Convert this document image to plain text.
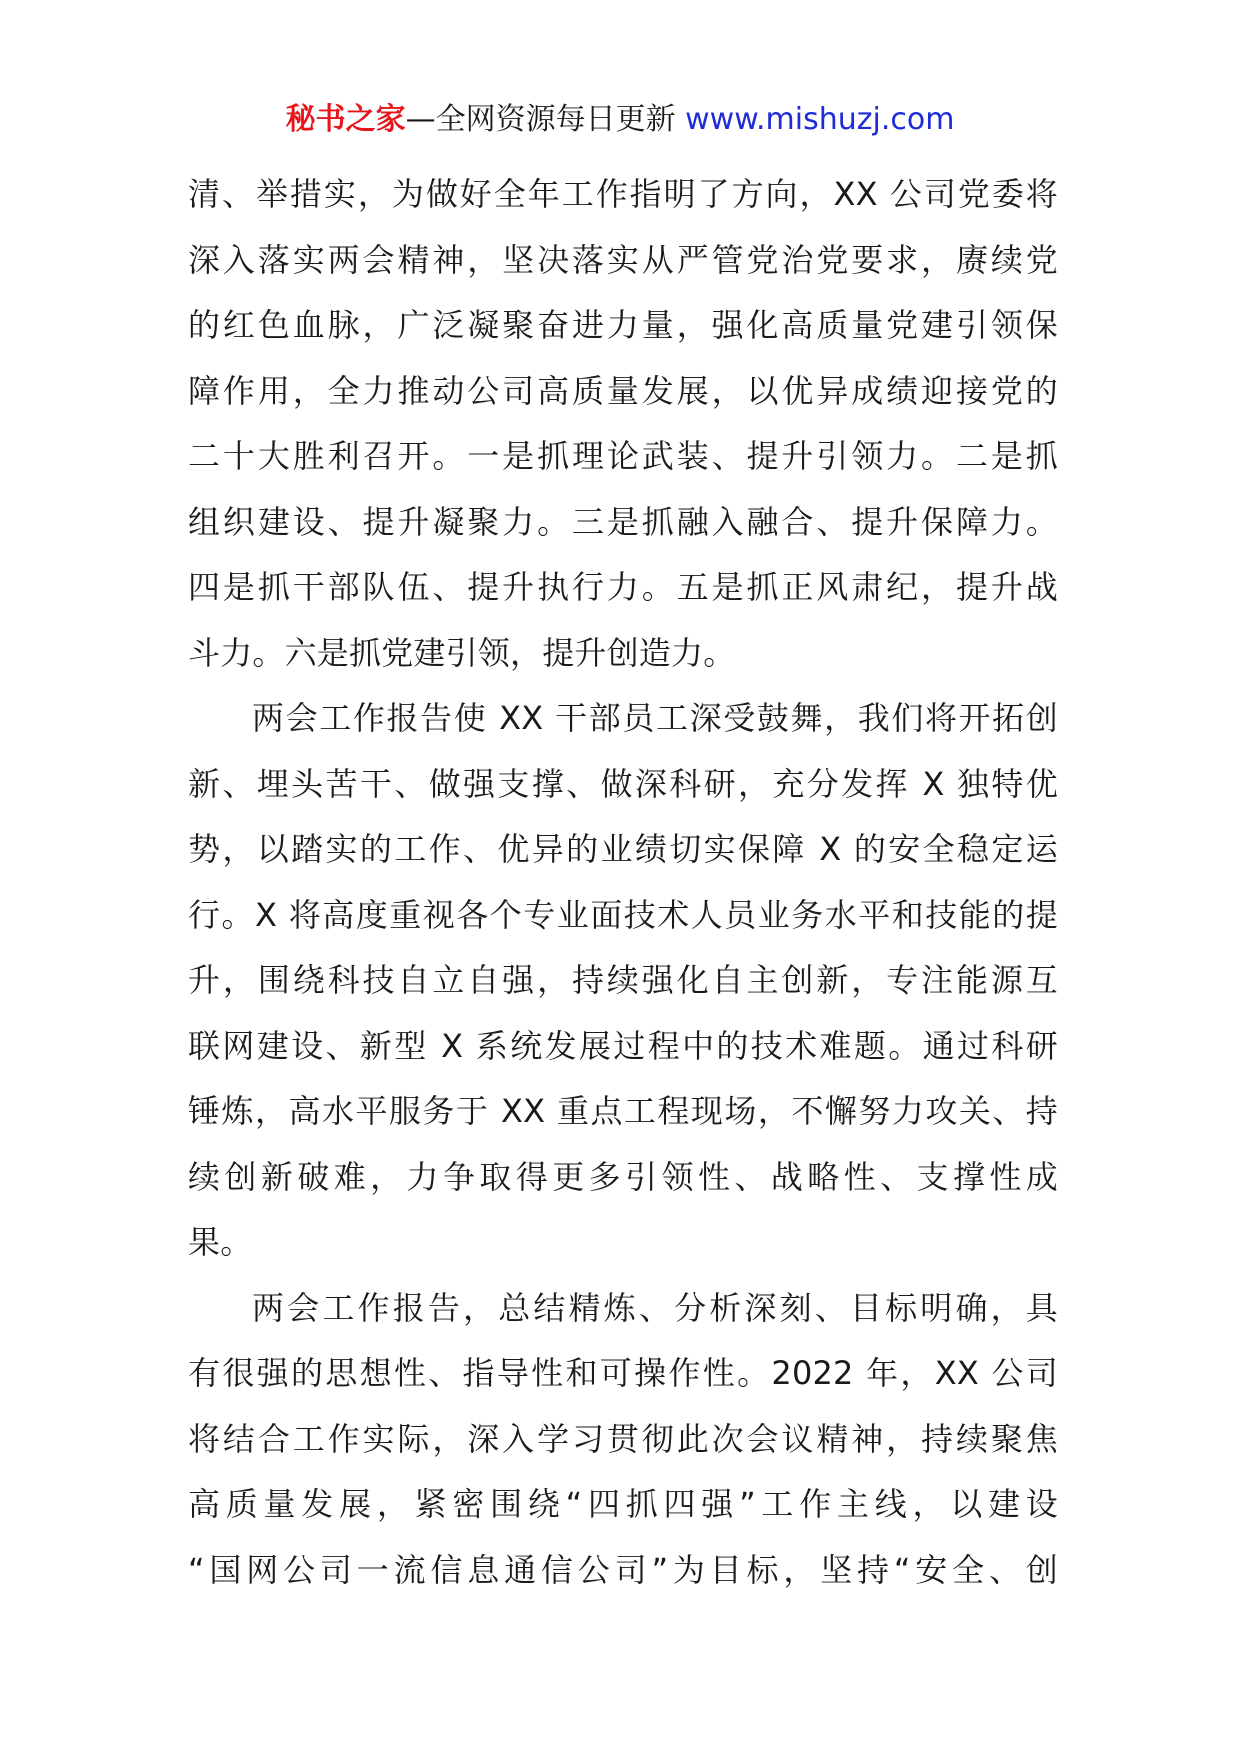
秘书之家—全网资源每日更新 www.mishuzj.com
清、举措实，为做好全年工作指明了方向，XX 公司党委将
深入落实两会精神，坚决落实从严管党治党要求，赓续党
的红色血脉，广泛凝聚奋进力量，强化高质量党建引领保
障作用，全力推动公司高质量发展，以优异成绩迎接党的
二十大胜利召开。一是抓理论武装、提升引领力。二是抓
组织建设、提升凝聚力。三是抓融入融合、提升保障力。
四是抓干部队伍、提升执行力。五是抓正风肃纪，提升战
斗力。六是抓党建引领，提升创造力。
两会工作报告使 XX 干部员工深受鼓舞，我们将开拓创
新、埋头苦干、做强支撑、做深科研，充分发挥 X 独特优
势，以踏实的工作、优异的业绩切实保障 X 的安全稳定运
行。X 将高度重视各个专业面技术人员业务水平和技能的提
升，围绕科技自立自强，持续强化自主创新，专注能源互
联网建设、新型 X 系统发展过程中的技术难题。通过科研
锤炼，高水平服务于 XX 重点工程现场，不懈努力攻关、持
续创新破难，力争取得更多引领性、战略性、支撑性成
果。
两会工作报告，总结精炼、分析深刻、目标明确，具
有很强的思想性、指导性和可操作性。2022 年，XX 公司
将结合工作实际，深入学习贯彻此次会议精神，持续聚焦
高质量发展，紧密围绕“四抓四强”工作主线，以建设
“国网公司一流信息通信公司”为目标，坚持“安全、创
